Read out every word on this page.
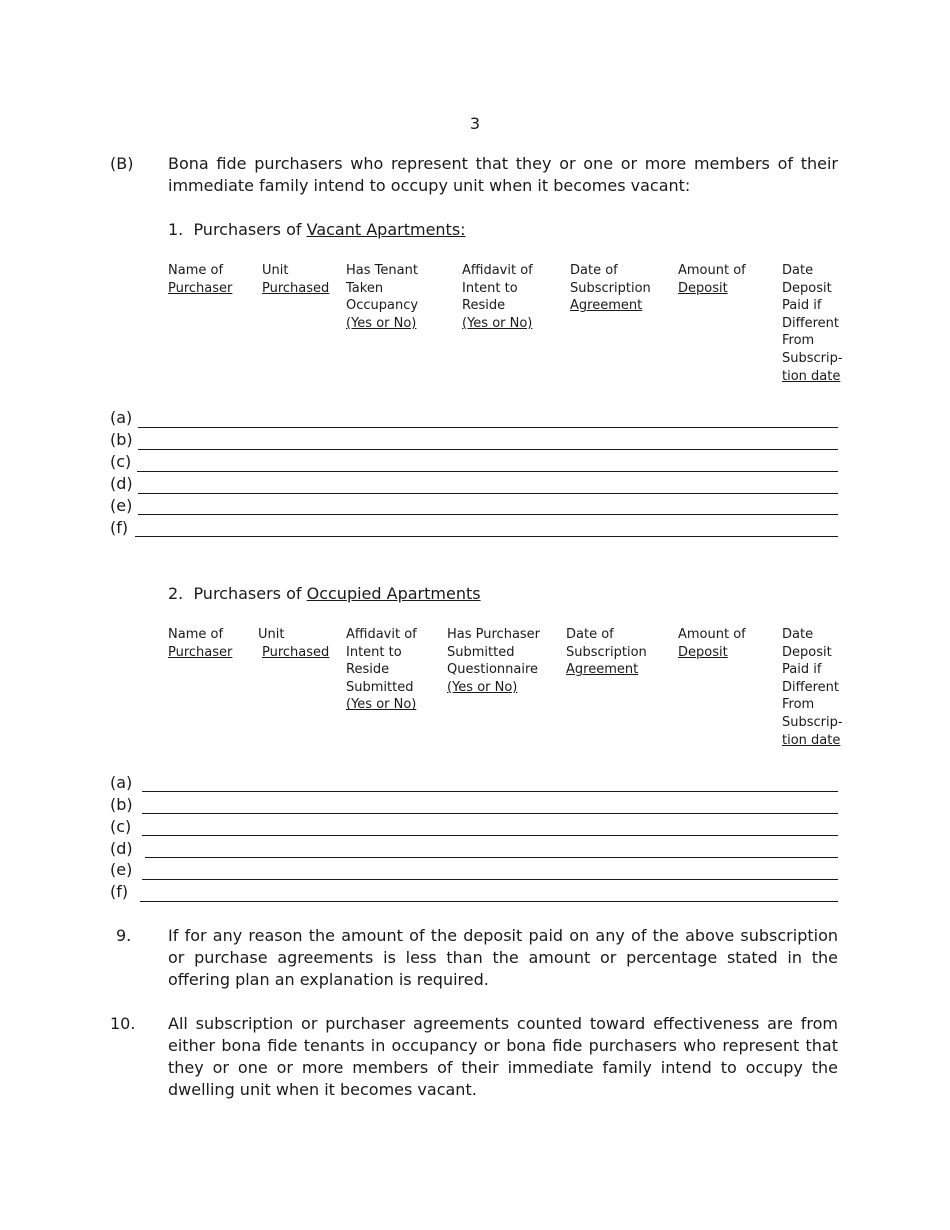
3
(B) Bona fide purchasers who represent that they or one or more members of their immediate family intend to occupy unit when it becomes vacant:
1. Purchasers of Vacant Apartments:
Name of
Purchaser
Unit
Purchased
Has Tenant
Taken
Occupancy
(Yes or No)
Affidavit of
Intent to
Reside
(Yes or No)
Date of
Subscription
Agreement
Amount of
Deposit
Date
Deposit
Paid if
Different
From
Subscrip-
tion date
(a)
(b)
(c)
(d)
(e)
(f)
2. Purchasers of Occupied Apartments
Name of
Purchaser
Unit
Purchased
Affidavit of
Intent to
Reside
Submitted
(Yes or No)
Has Purchaser
Submitted
Questionnaire
(Yes or No)
Date of
Subscription
Agreement
Amount of
Deposit
Date
Deposit
Paid if
Different
From
Subscrip-
tion date
(a)
(b)
(c)
(d)
(e)
(f)
9. If for any reason the amount of the deposit paid on any of the above subscription or purchase agreements is less than the amount or percentage stated in the offering plan an explanation is required.
10. All subscription or purchaser agreements counted toward effectiveness are from either bona fide tenants in occupancy or bona fide purchasers who represent that they or one or more members of their immediate family intend to occupy the dwelling unit when it becomes vacant.
